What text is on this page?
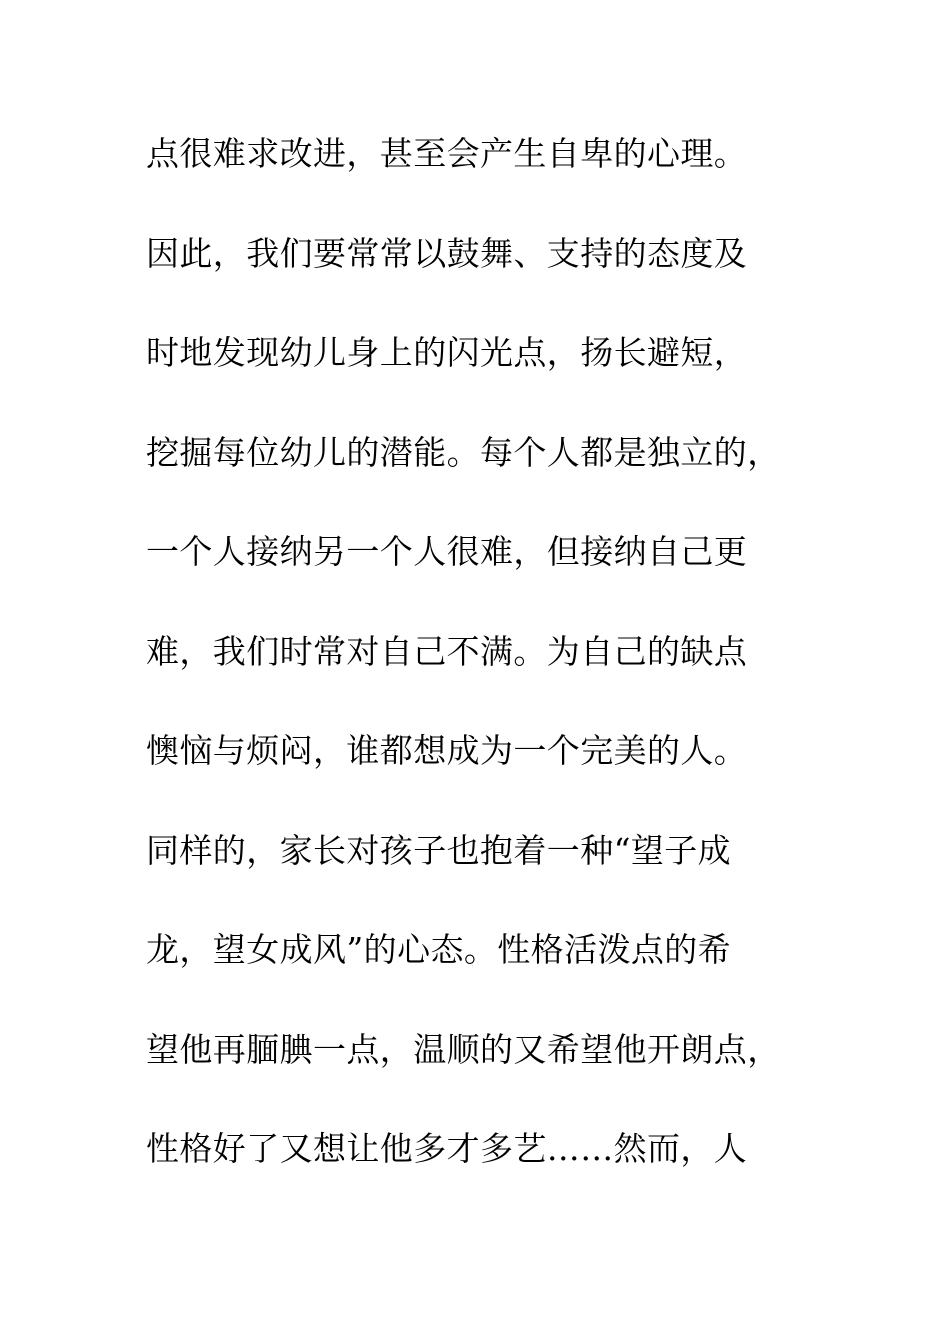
点很难求改进，甚至会产生自卑的心理。
因此，我们要常常以鼓舞、支持的态度及
时地发现幼儿身上的闪光点，扬长避短，
挖掘每位幼儿的潜能。每个人都是独立的，
一个人接纳另一个人很难，但接纳自己更
难，我们时常对自己不满。为自己的缺点
懊恼与烦闷，谁都想成为一个完美的人。
同样的，家长对孩子也抱着一种“望子成
龙，望女成风”的心态。性格活泼点的希
望他再腼腆一点，温顺的又希望他开朗点，
性格好了又想让他多才多艺……然而，人
